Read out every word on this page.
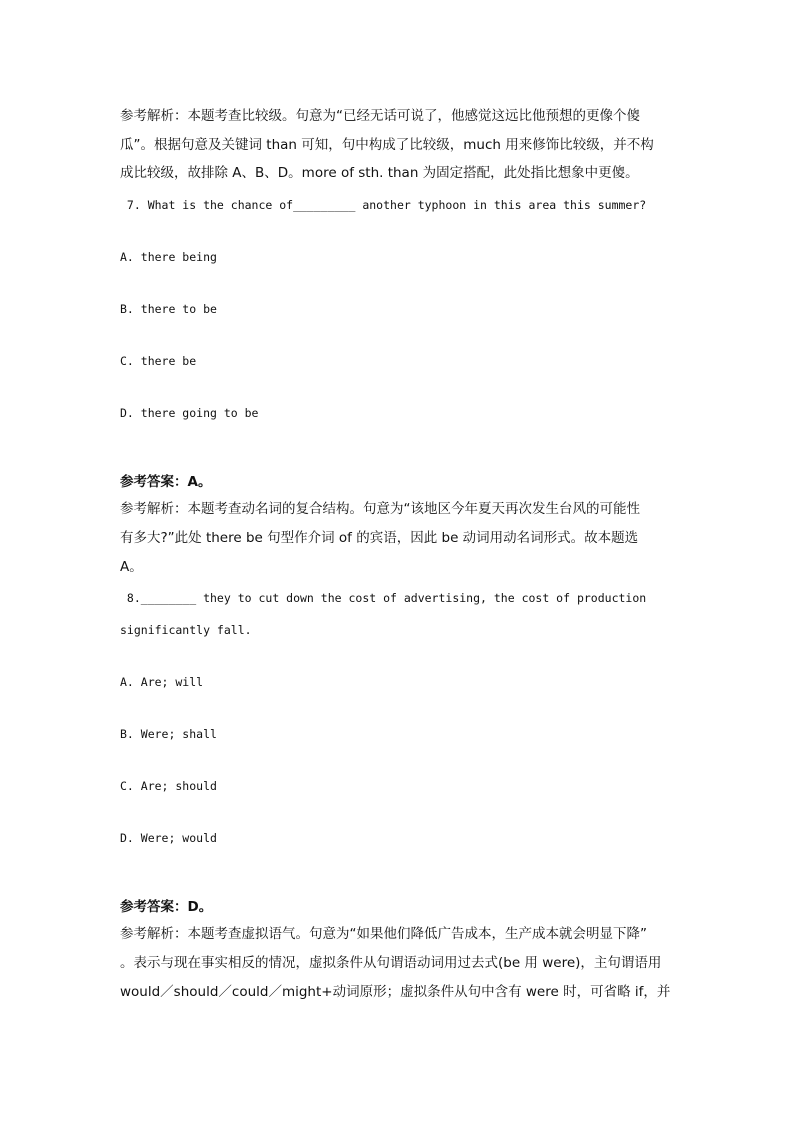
参考解析：本题考查比较级。句意为“已经无话可说了，他感觉这远比他预想的更像个傻
瓜”。根据句意及关键词 than 可知，句中构成了比较级，much 用来修饰比较级，并不构
成比较级，故排除 A、B、D。more of sth. than 为固定搭配，此处指比想象中更傻。
7. What is the chance of_________ another typhoon in this area this summer?
A. there being
B. there to be
C. there be
D. there going to be
参考答案：A。
参考解析：本题考查动名词的复合结构。句意为“该地区今年夏天再次发生台风的可能性
有多大?”此处 there be 句型作介词 of 的宾语，因此 be 动词用动名词形式。故本题选
A。
8.________ they to cut down the cost of advertising, the cost of production
significantly fall.
A. Are; will
B. Were; shall
C. Are; should
D. Were; would
参考答案：D。
参考解析：本题考查虚拟语气。句意为“如果他们降低广告成本，生产成本就会明显下降”
。表示与现在事实相反的情况，虚拟条件从句谓语动词用过去式(be 用 were)，主句谓语用
would／should／could／might+动词原形；虚拟条件从句中含有 were 时，可省略 if，并
